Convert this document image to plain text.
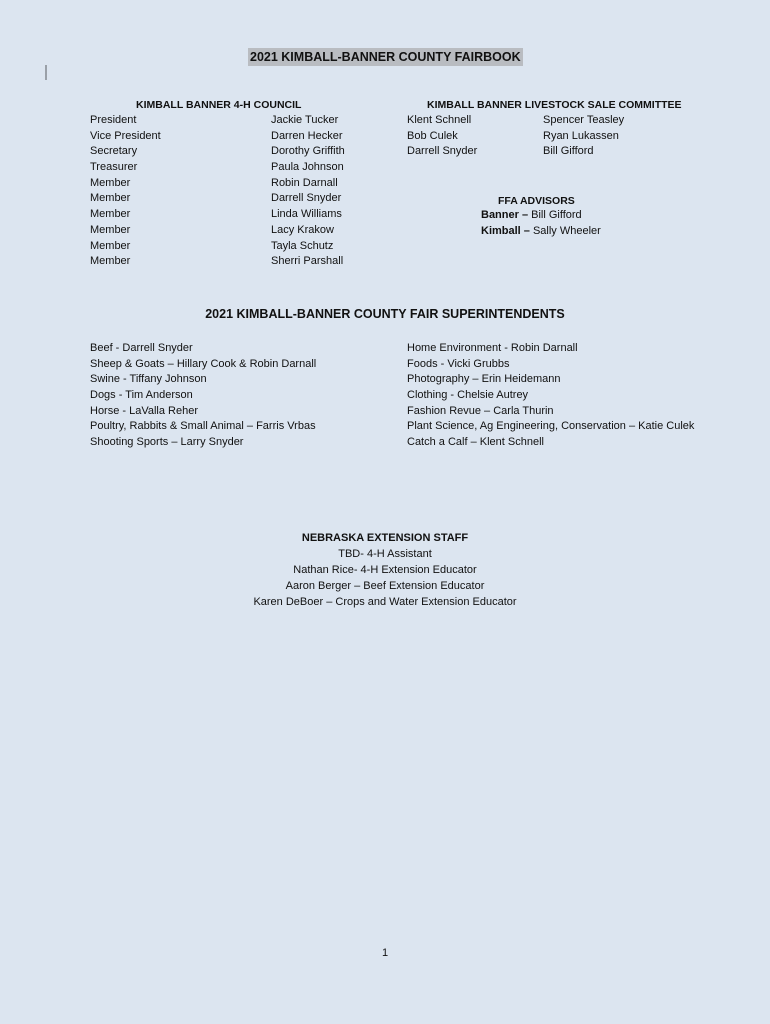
2021 KIMBALL-BANNER COUNTY FAIRBOOK
KIMBALL BANNER 4-H COUNCIL
President
Vice President
Secretary
Treasurer
Member
Member
Member
Member
Member
Member
Jackie Tucker
Darren Hecker
Dorothy Griffith
Paula Johnson
Robin Darnall
Darrell Snyder
Linda Williams
Lacy Krakow
Tayla Schutz
Sherri Parshall
KIMBALL BANNER LIVESTOCK SALE COMMITTEE
Klent Schnell
Bob Culek
Darrell Snyder
Spencer Teasley
Ryan Lukassen
Bill Gifford
FFA ADVISORS
Banner – Bill Gifford
Kimball – Sally Wheeler
2021 KIMBALL-BANNER COUNTY FAIR SUPERINTENDENTS
Beef - Darrell Snyder
Sheep & Goats – Hillary Cook & Robin Darnall
Swine - Tiffany Johnson
Dogs - Tim Anderson
Horse - LaValla Reher
Poultry, Rabbits & Small Animal – Farris Vrbas
Shooting Sports – Larry Snyder
Home Environment - Robin Darnall
Foods - Vicki Grubbs
Photography – Erin Heidemann
Clothing - Chelsie Autrey
Fashion Revue – Carla Thurin
Plant Science, Ag Engineering, Conservation – Katie Culek
Catch a Calf – Klent Schnell
NEBRASKA EXTENSION STAFF
TBD- 4-H Assistant
Nathan Rice- 4-H Extension Educator
Aaron Berger – Beef Extension Educator
Karen DeBoer – Crops and Water Extension Educator
1
